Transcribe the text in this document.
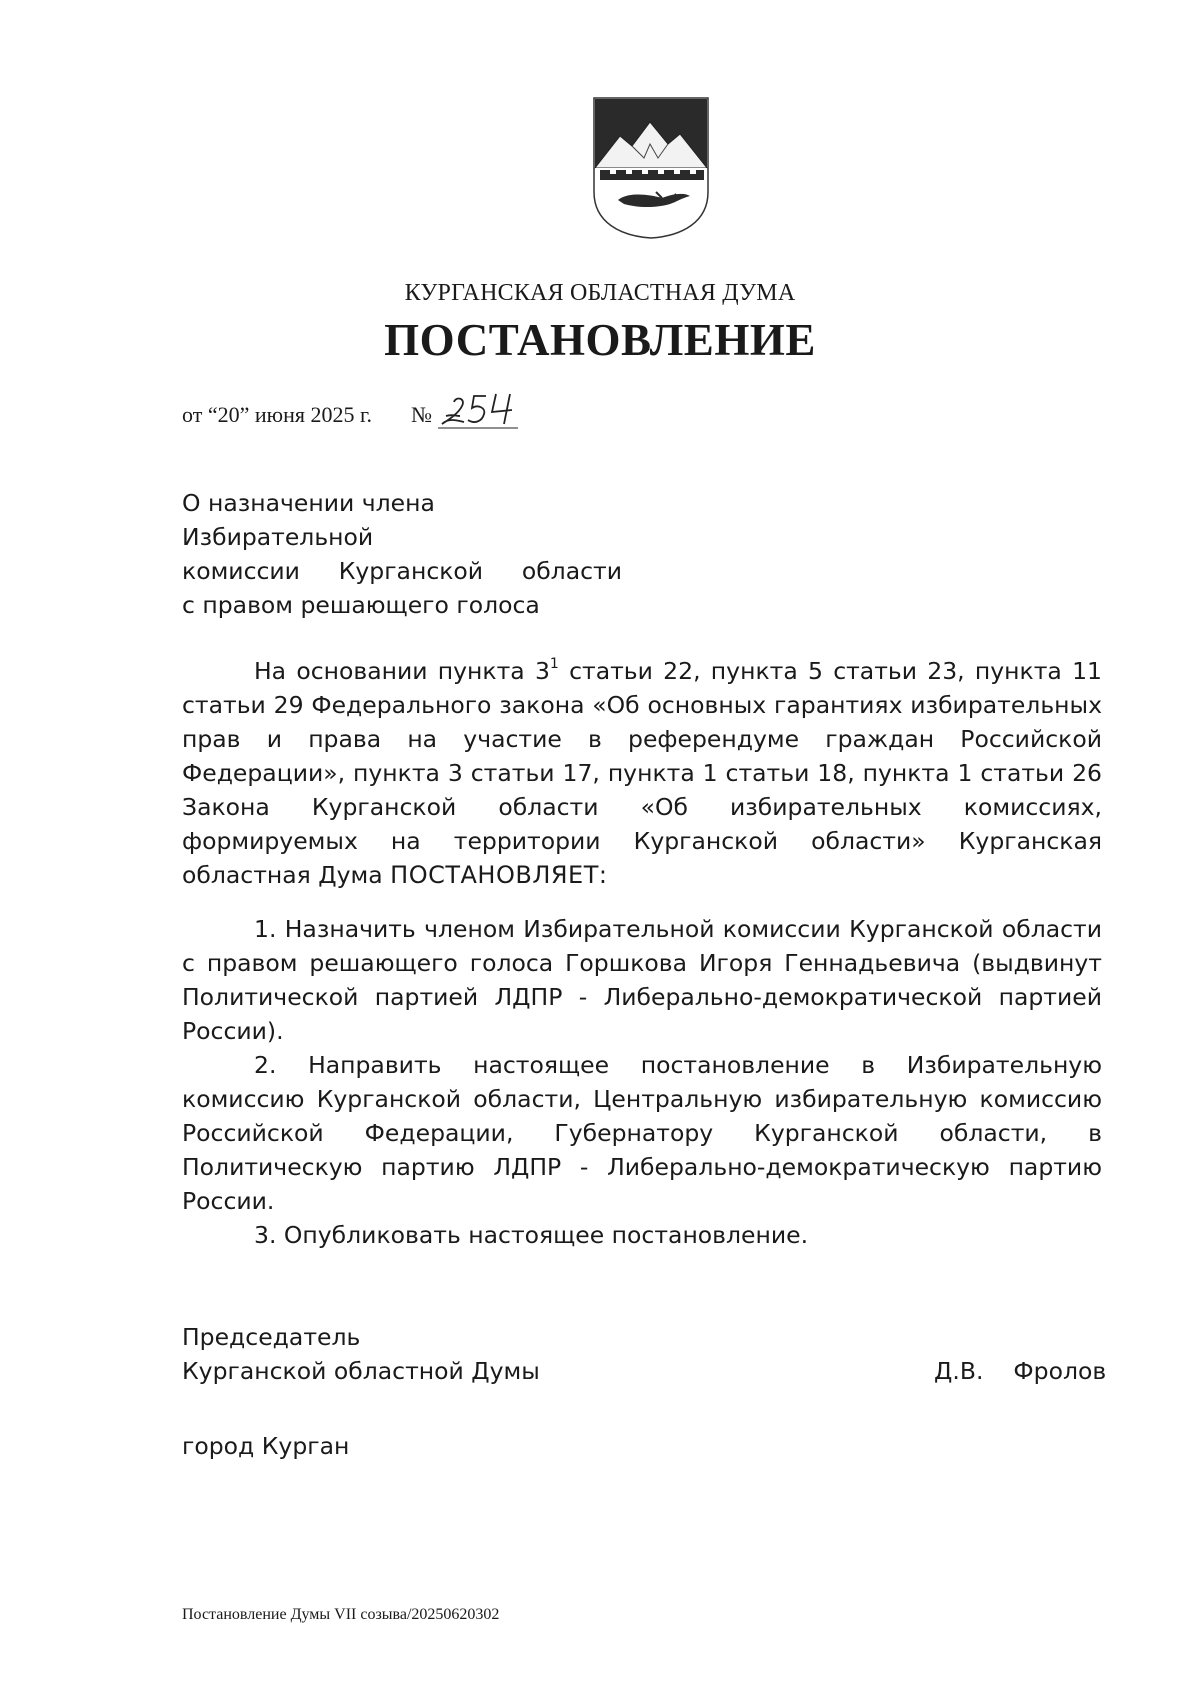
КУРГАНСКАЯ ОБЛАСТНАЯ ДУМА
ПОСТАНОВЛЕНИЕ
от “20” июня 2025 г. №
О назначении члена Избирательной
комиссии Курганской области
с правом решающего голоса

На основании пункта $3^1$ статьи 22, пункта 5 статьи 23, пункта 11 статьи 29 Федерального закона «Об основных гарантиях избирательных прав и права на участие в референдуме граждан Российской Федерации», пункта 3 статьи 17, пункта 1 статьи 18, пункта 1 статьи 26 Закона Курганской области «Об избирательных комиссиях, формируемых на территории Курганской области» Курганская областная Дума ПОСТАНОВЛЯЕТ:

1. Назначить членом Избирательной комиссии Курганской области с правом решающего голоса Горшкова Игоря Геннадьевича (выдвинут Политической партией ЛДПР - Либерально-демократической партией России).

2. Направить настоящее постановление в Избирательную комиссию Курганской области, Центральную избирательную комиссию Российской Федерации, Губернатору Курганской области, в Политическую партию ЛДПР - Либерально-демократическую партию России.

3. Опубликовать настоящее постановление.

Председатель
Курганской областной Думы	Д.В. Фролов
город Курган
Постановление Думы VII созыва/20250620302
